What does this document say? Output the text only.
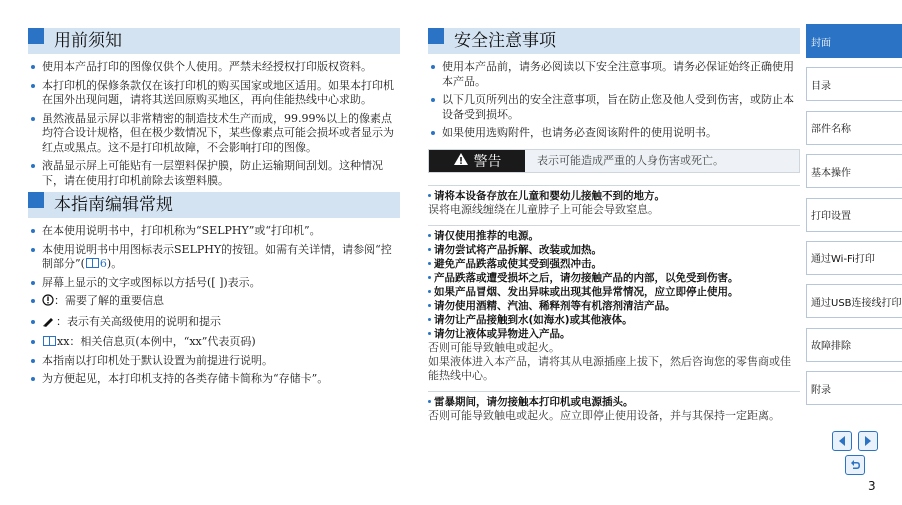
用前须知
使用本产品打印的图像仅供个人使用。严禁未经授权打印版权资料。
本打印机的保修条款仅在该打印机的购买国家或地区适用。如果本打印机在国外出现问题，请将其送回原购买地区，再向佳能热线中心求助。
虽然液晶显示屏以非常精密的制造技术生产而成，99.99%以上的像素点均符合设计规格，但在极少数情况下，某些像素点可能会损坏或者显示为红点或黑点。这不是打印机故障，不会影响打印的图像。
液晶显示屏上可能贴有一层塑料保护膜，防止运输期间刮划。这种情况下，请在使用打印机前除去该塑料膜。
本指南编辑常规
在本使用说明书中，打印机称为“SELPHY”或“打印机”。
本使用说明书中用图标表示SELPHY的按钮。如需有关详情，请参阅“控制部分”( 6)。
屏幕上显示的文字或图标以方括号([ ])表示。
：需要了解的重要信息
：表示有关高级使用的说明和提示
xx：相关信息页(本例中，“xx”代表页码)
本指南以打印机处于默认设置为前提进行说明。
为方便起见，本打印机支持的各类存储卡简称为“存储卡”。
安全注意事项
使用本产品前，请务必阅读以下安全注意事项。请务必保证始终正确使用本产品。
以下几页所列出的安全注意事项，旨在防止您及他人受到伤害，或防止本设备受到损坏。
如果使用选购附件，也请务必查阅该附件的使用说明书。
警告	表示可能造成严重的人身伤害或死亡。
请将本设备存放在儿童和婴幼儿接触不到的地方。
误将电源线缠绕在儿童脖子上可能会导致窒息。
请仅使用推荐的电源。
请勿尝试将产品拆解、改装或加热。
避免产品跌落或使其受到强烈冲击。
产品跌落或遭受损坏之后，请勿接触产品的内部，以免受到伤害。
如果产品冒烟、发出异味或出现其他异常情况，应立即停止使用。
请勿使用酒精、汽油、稀释剂等有机溶剂清洁产品。
请勿让产品接触到水(如海水)或其他液体。
请勿让液体或异物进入产品。
否则可能导致触电或起火。
如果液体进入本产品，请将其从电源插座上拔下，然后咨询您的零售商或佳能热线中心。
雷暴期间，请勿接触本打印机或电源插头。
否则可能导致触电或起火。应立即停止使用设备，并与其保持一定距离。
封面
目录
部件名称
基本操作
打印设置
通过Wi-Fi打印
通过USB连接线打印
故障排除
附录
3
